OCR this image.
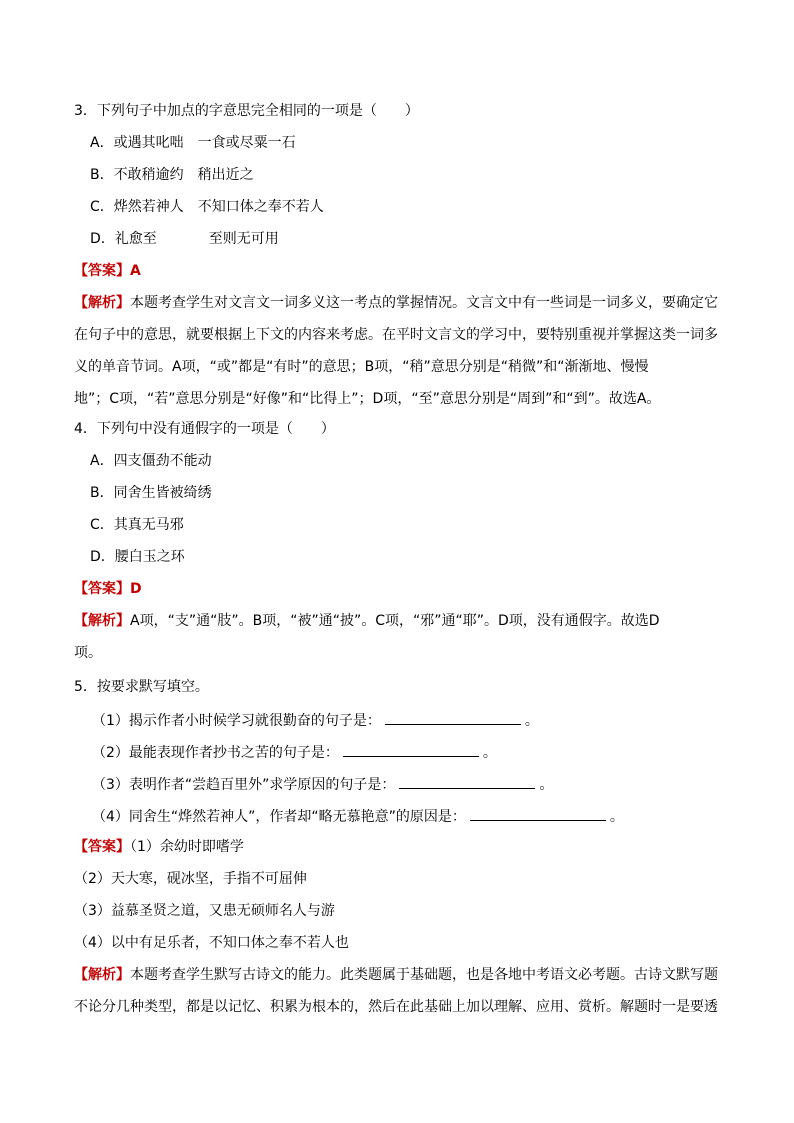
3．下列句子中加点的字意思完全相同的一项是（　　）
A．或遇其叱咄 一食或尽粟一石
B．不敢稍逾约 稍出近之
C．烨然若神人 不知口体之奉不若人
D．礼愈至	至则无可用
【答案】A
【解析】本题考查学生对文言文一词多义这一考点的掌握情况。文言文中有一些词是一词多义，要确定它
在句子中的意思，就要根据上下文的内容来考虑。在平时文言文的学习中，要特别重视并掌握这类一词多
义的单音节词。A项，“或”都是“有时”的意思；B项，“稍”意思分别是“稍微”和“渐渐地、慢慢
地”；C项，“若”意思分别是“好像”和“比得上”；D项，“至”意思分别是“周到”和“到”。故选A。
4．下列句中没有通假字的一项是（　　）
A．四支僵劲不能动
B．同舍生皆被绮绣
C．其真无马邪
D．腰白玉之环
【答案】D
【解析】A项，“支”通“肢”。B项，“被”通“披”。C项，“邪”通“耶”。D项，没有通假字。故选D
项。
5．按要求默写填空。
（1）揭示作者小时候学习就很勤奋的句子是：	。
（2）最能表现作者抄书之苦的句子是：	。
（3）表明作者“尝趋百里外”求学原因的句子是：	。
（4）同舍生“烨然若神人”，作者却“略无慕艳意”的原因是：	。
【答案】（1）余幼时即嗜学
（2）天大寒，砚冰坚，手指不可屈伸
（3）益慕圣贤之道，又患无硕师名人与游
（4）以中有足乐者，不知口体之奉不若人也
【解析】本题考查学生默写古诗文的能力。此类题属于基础题，也是各地中考语文必考题。古诗文默写题
不论分几种类型，都是以记忆、积累为根本的，然后在此基础上加以理解、应用、赏析。解题时一是要透
